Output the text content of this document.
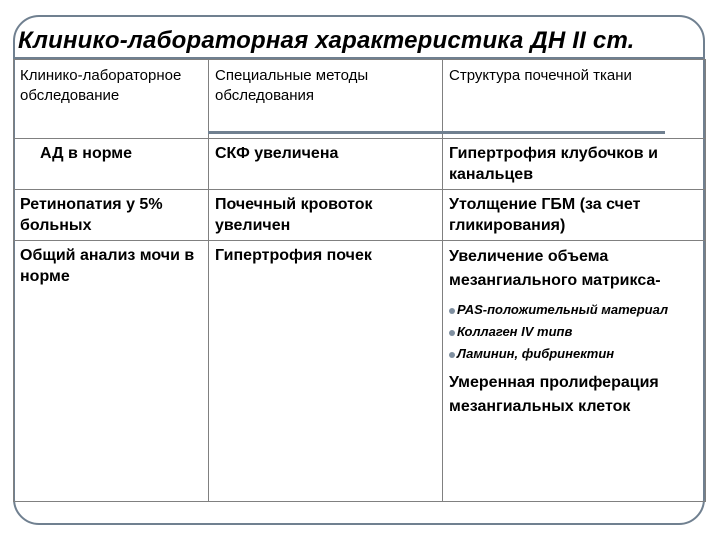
Клинико-лабораторная характеристика ДН II ст.
Клинико-лабораторное обследование	Специальные методы обследования	Структура почечной ткани

АД в норме	СКФ увеличена	Гипертрофия клубочков и канальцев
Ретинопатия у 5% больных	Почечный кровоток увеличен	Утолщение ГБМ (за счет гликирования)
Общий анализ мочи в норме	Гипертрофия почек	Увеличение объема мезангиального матрикса-
PAS-положительный материал
Коллаген IV типв
Ламинин, фибринектин
Умеренная пролиферация мезангиальных клеток
